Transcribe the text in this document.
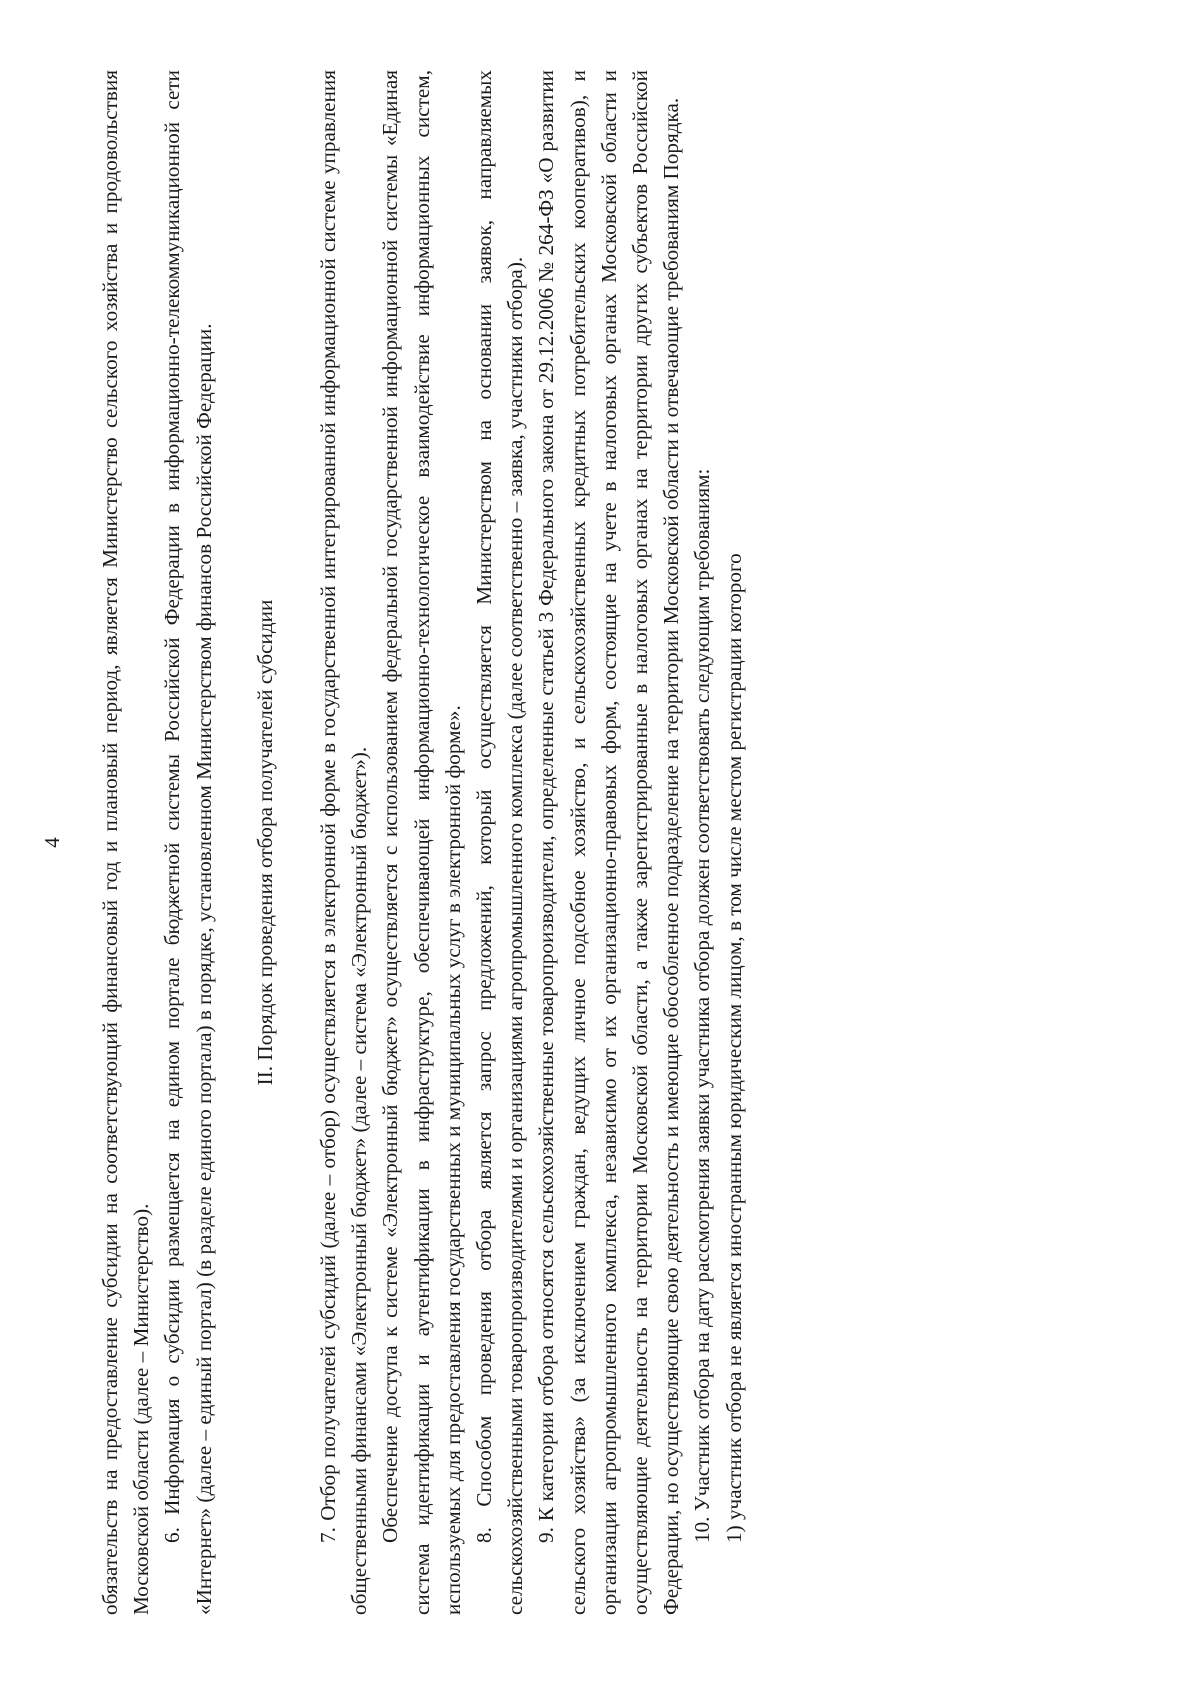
4 обязательств на предоставление субсидии на соответствующий финансовый год и плановый период, является Министерство сельского хозяйства и продовольствия Московской области (далее – Министерство). 6. Информация о субсидии размещается на едином портале бюджетной системы Российской Федерации в информационно-телекоммуникационной сети «Интернет» (далее – единый портал) (в разделе единого портала) в порядке, установленном Министерством финансов Российской Федерации. II. Порядок проведения отбора получателей субсидии 7. Отбор получателей субсидий (далее – отбор) осуществляется в электронной форме в государственной интегрированной информационной системе управления общественными финансами «Электронный бюджет» (далее – система «Электронный бюджет»). Обеспечение доступа к системе «Электронный бюджет» осуществляется с использованием федеральной государственной информационной системы «Единая система идентификации и аутентификации в инфраструктуре, обеспечивающей информационно-технологическое взаимодействие информационных систем, используемых для предоставления государственных и муниципальных услуг в электронной форме». 8. Способом проведения отбора является запрос предложений, который осуществляется Министерством на основании заявок, направляемых сельскохозяйственными товаропроизводителями и организациями агропромышленного комплекса (далее соответственно – заявка, участники отбора). 9. К категории отбора относятся сельскохозяйственные товаропроизводители, определенные статьей 3 Федерального закона от 29.12.2006 № 264-ФЗ «О развитии сельского хозяйства» (за исключением граждан, ведущих личное подсобное хозяйство, и сельскохозяйственных кредитных потребительских кооперативов), и организации агропромышленного комплекса, независимо от их организационно-правовых форм, состоящие на учете в налоговых органах Московской области и осуществляющие деятельность на территории Московской области, а также зарегистрированные в налоговых органах на территории других субъектов Российской Федерации, но осуществляющие свою деятельность и имеющие обособленное подразделение на территории Московской области и отвечающие требованиям Порядка. 10. Участник отбора на дату рассмотрения заявки участника отбора должен соответствовать следующим требованиям: 1) участник отбора не является иностранным юридическим лицом, в том числе местом регистрации которого
